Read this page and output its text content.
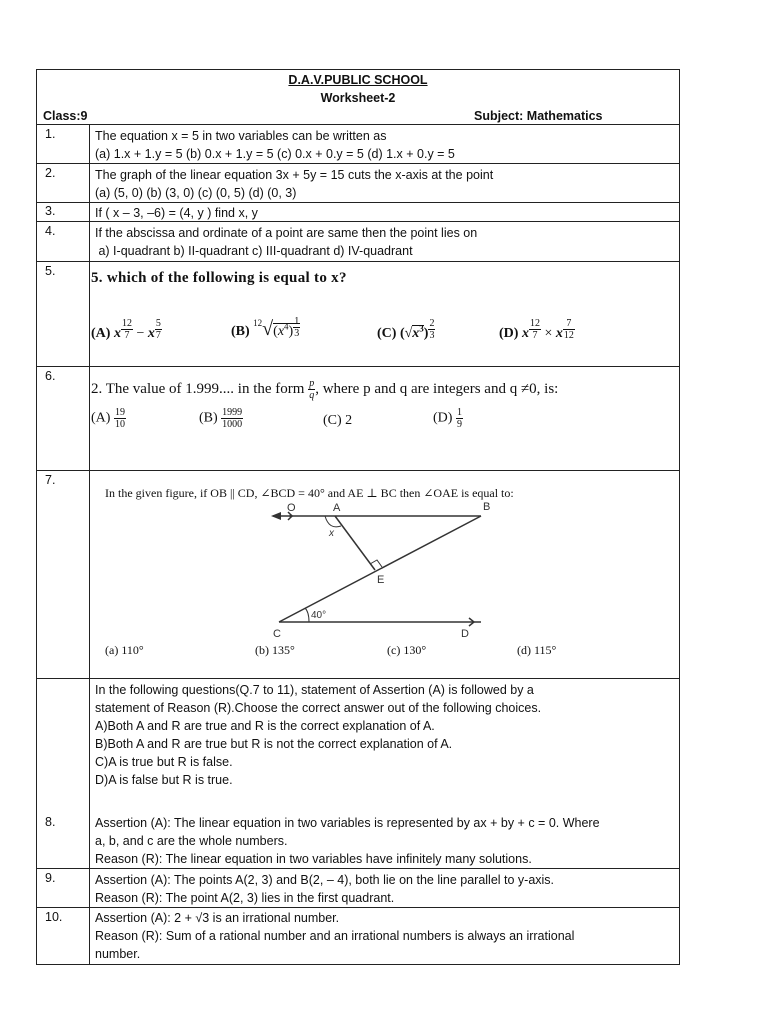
D.A.V.PUBLIC SCHOOL
Worksheet-2
Class:9	Subject: Mathematics
1.	The equation x = 5 in two variables can be written as
(a) 1.x + 1.y = 5 (b) 0.x + 1.y = 5 (c) 0.x + 0.y = 5 (d) 1.x + 0.y = 5
2.	The graph of the linear equation 3x + 5y = 15 cuts the x-axis at the point
(a) (5, 0) (b) (3, 0) (c) (0, 5) (d) (0, 3)
3.	If ( x – 3, –6) = (4, y ) find x, y
4.	If the abscissa and ordinate of a point are same then the point lies on
a) I-quadrant b) II-quadrant c) III-quadrant d) IV-quadrant
5. 5. which of the following is equal to x?
(A) x $^{\frac{12}{7}}$ − x $^{\frac{5}{7}}$	(B) $^{12}√(x^4)$ $^{\frac{1}{3}}$	(C) $(√x^3)$ $^{\frac{2}{3}}$	(D) x $^{\frac{12}{7}}$ × x $^{\frac{7}{12}}$
6.
2. The value of 1.999.... in the form $\frac{p}{q}$ , where p and q are integers and q ≠0, is:
$(A) \frac{19}{10}$	$(B) \frac{1999}{1000}$	(C) 2	$(D) \frac{1}{9}$
7.
In the given figure, if OB || CD, ∠BCD = 40° and AE ⊥ BC then ∠OAE is equal to:
O	A	B
C	D
E
x
40°
(a) 110°	(b) 135°	(c) 130°	(d) 115°
In the following questions(Q.7 to 11), statement of Assertion (A) is followed by a
statement of Reason (R).Choose the correct answer out of the following choices.
A)Both A and R are true and R is the correct explanation of A.
B)Both A and R are true but R is not the correct explanation of A.
C)A is true but R is false.
D)A is false but R is true.
8.	Assertion (A): The linear equation in two variables is represented by ax + by + c = 0. Where
a, b, and c are the whole numbers.
Reason (R): The linear equation in two variables have infinitely many solutions.
9.	Assertion (A): The points A(2, 3) and B(2, – 4), both lie on the line parallel to y-axis.
Reason (R): The point A(2, 3) lies in the first quadrant.
10.	Assertion (A): 2 + √3 is an irrational number.
Reason (R): Sum of a rational number and an irrational numbers is always an irrational
number.
